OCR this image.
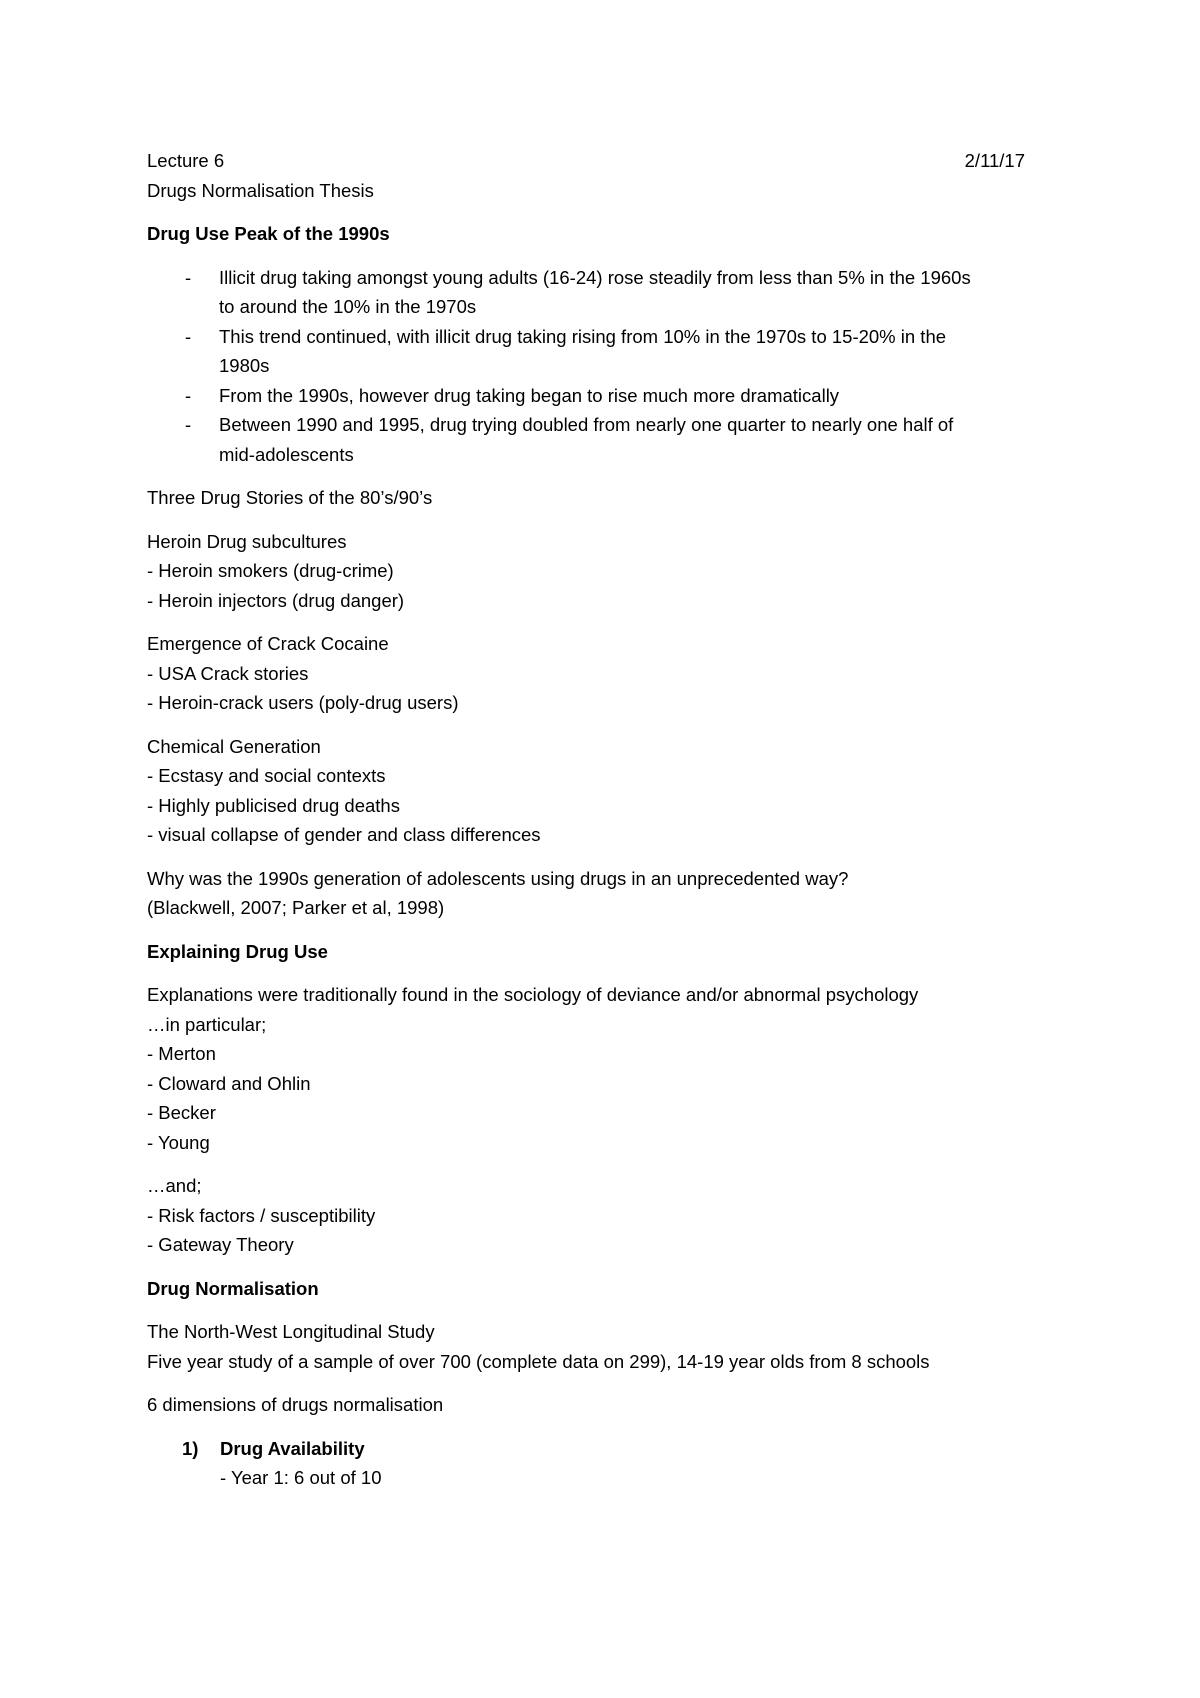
Lecture 6	2/11/17
Drugs Normalisation Thesis
Drug Use Peak of the 1990s
- Illicit drug taking amongst young adults (16-24) rose steadily from less than 5% in the 1960s
to around the 10% in the 1970s
- This trend continued, with illicit drug taking rising from 10% in the 1970s to 15-20% in the
1980s
- From the 1990s, however drug taking began to rise much more dramatically
- Between 1990 and 1995, drug trying doubled from nearly one quarter to nearly one half of
mid-adolescents
Three Drug Stories of the 80’s/90’s
Heroin Drug subcultures
- Heroin smokers (drug-crime)
- Heroin injectors (drug danger)
Emergence of Crack Cocaine
- USA Crack stories
- Heroin-crack users (poly-drug users)
Chemical Generation
- Ecstasy and social contexts
- Highly publicised drug deaths
- visual collapse of gender and class differences
Why was the 1990s generation of adolescents using drugs in an unprecedented way?
(Blackwell, 2007; Parker et al, 1998)
Explaining Drug Use
Explanations were traditionally found in the sociology of deviance and/or abnormal psychology
…in particular;
- Merton
- Cloward and Ohlin
- Becker
- Young
…and;
- Risk factors / susceptibility
- Gateway Theory
Drug Normalisation
The North-West Longitudinal Study
Five year study of a sample of over 700 (complete data on 299), 14-19 year olds from 8 schools
6 dimensions of drugs normalisation
1) Drug Availability
- Year 1: 6 out of 10
